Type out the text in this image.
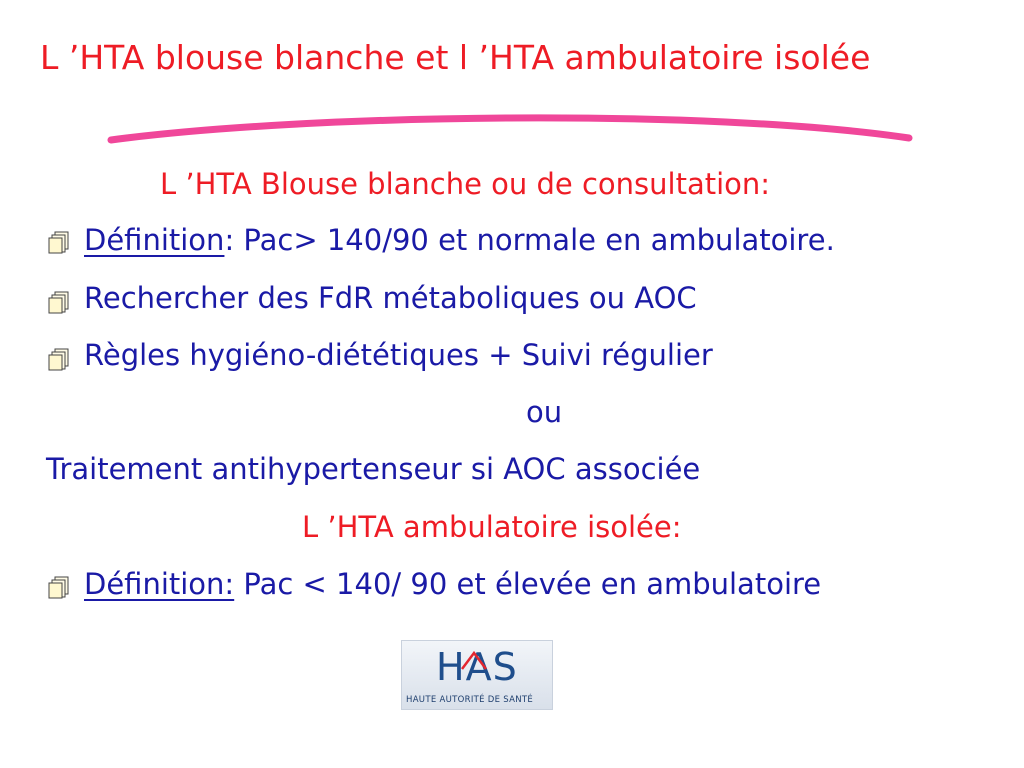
L ’HTA blouse blanche et l ’HTA ambulatoire isolée
L ’HTA Blouse blanche ou de consultation:
Définition: Pac> 140/90 et normale en ambulatoire.
Rechercher des FdR métaboliques ou AOC
Règles hygiéno-diététiques + Suivi régulier
ou
Traitement antihypertenseur si AOC associée
L ’HTA ambulatoire isolée:
Définition: Pac < 140/ 90 et élevée en ambulatoire
HAS
HAUTE AUTORITÉ DE SANTÉ
